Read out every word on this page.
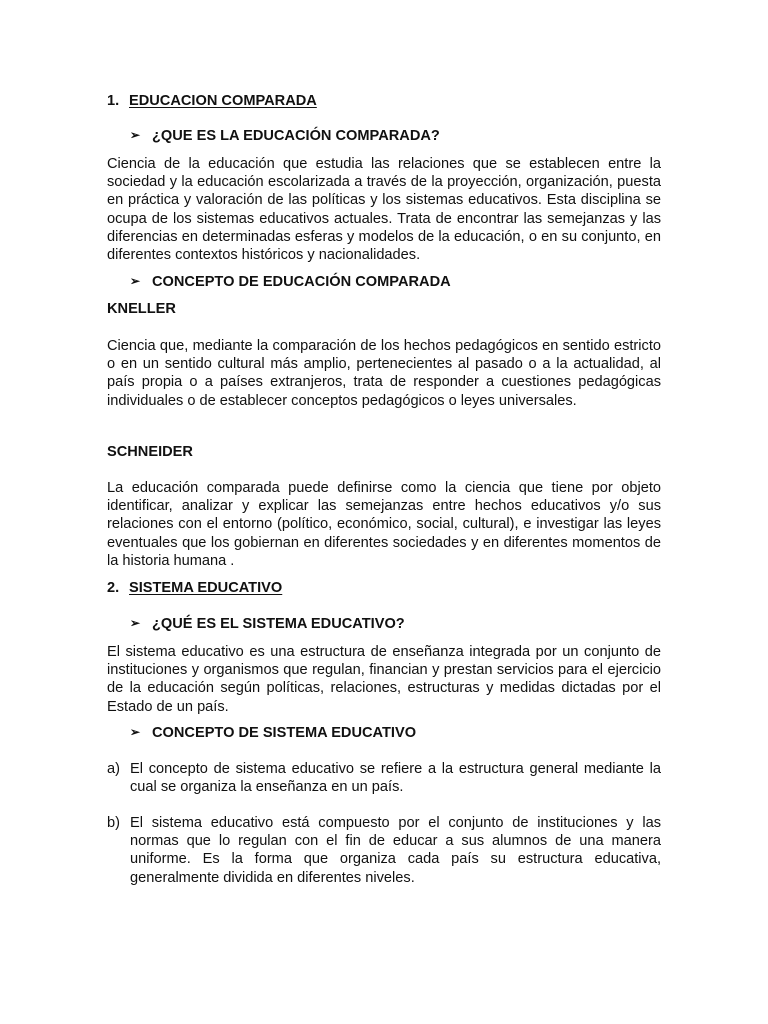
1. EDUCACION COMPARADA
➢ ¿QUE ES LA EDUCACIÓN COMPARADA?

Ciencia de la educación que estudia las relaciones que se establecen entre la sociedad y la educación escolarizada a través de la proyección, organización, puesta en práctica y valoración de las políticas y los sistemas educativos. Esta disciplina se ocupa de los sistemas educativos actuales. Trata de encontrar las semejanzas y las diferencias en determinadas esferas y modelos de la educación, o en su conjunto, en diferentes contextos históricos y nacionalidades.

➢ CONCEPTO DE EDUCACIÓN COMPARADA
KNELLER

Ciencia que, mediante la comparación de los hechos pedagógicos en sentido estricto o en un sentido cultural más amplio, pertenecientes al pasado o a la actualidad, al país propia o a países extranjeros, trata de responder a cuestiones pedagógicas individuales o de establecer conceptos pedagógicos o leyes universales.

SCHNEIDER

La educación comparada puede definirse como la ciencia que tiene por objeto identificar, analizar y explicar las semejanzas entre hechos educativos y/o sus relaciones con el entorno (político, económico, social, cultural), e investigar las leyes eventuales que los gobiernan en diferentes sociedades y en diferentes momentos de la historia humana .

2. SISTEMA EDUCATIVO
➢ ¿QUÉ ES EL SISTEMA EDUCATIVO?

El sistema educativo es una estructura de enseñanza integrada por un conjunto de instituciones y organismos que regulan, financian y prestan servicios para el ejercicio de la educación según políticas, relaciones, estructuras y medidas dictadas por el Estado de un país.

➢ CONCEPTO DE SISTEMA EDUCATIVO
a) El concepto de sistema educativo se refiere a la estructura general mediante la cual se organiza la enseñanza en un país.
b) El sistema educativo está compuesto por el conjunto de instituciones y las normas que lo regulan con el fin de educar a sus alumnos de una manera uniforme. Es la forma que organiza cada país su estructura educativa, generalmente dividida en diferentes niveles.
